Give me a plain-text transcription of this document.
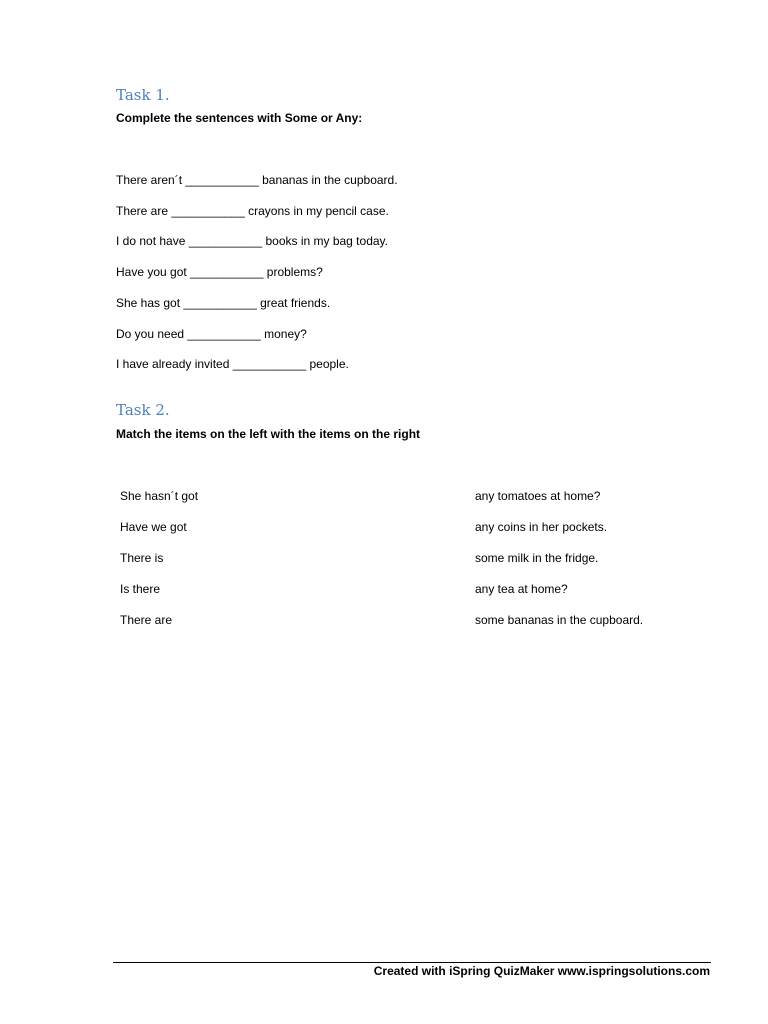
Task 1.

Complete the sentences with Some or Any:

There aren´t ___________ bananas in the cupboard.

There are ___________ crayons in my pencil case.

I do not have ___________ books in my bag today.

Have you got ___________ problems?

She has got ___________ great friends.

Do you need ___________ money?

I have already invited ___________ people.

Task 2.

Match the items on the left with the items on the right

She hasn´t got	any tomatoes at home?
Have we got	any coins in her pockets.
There is	some milk in the fridge.
Is there	any tea at home?
There are	some bananas in the cupboard.
Created with iSpring QuizMaker www.ispringsolutions.com
